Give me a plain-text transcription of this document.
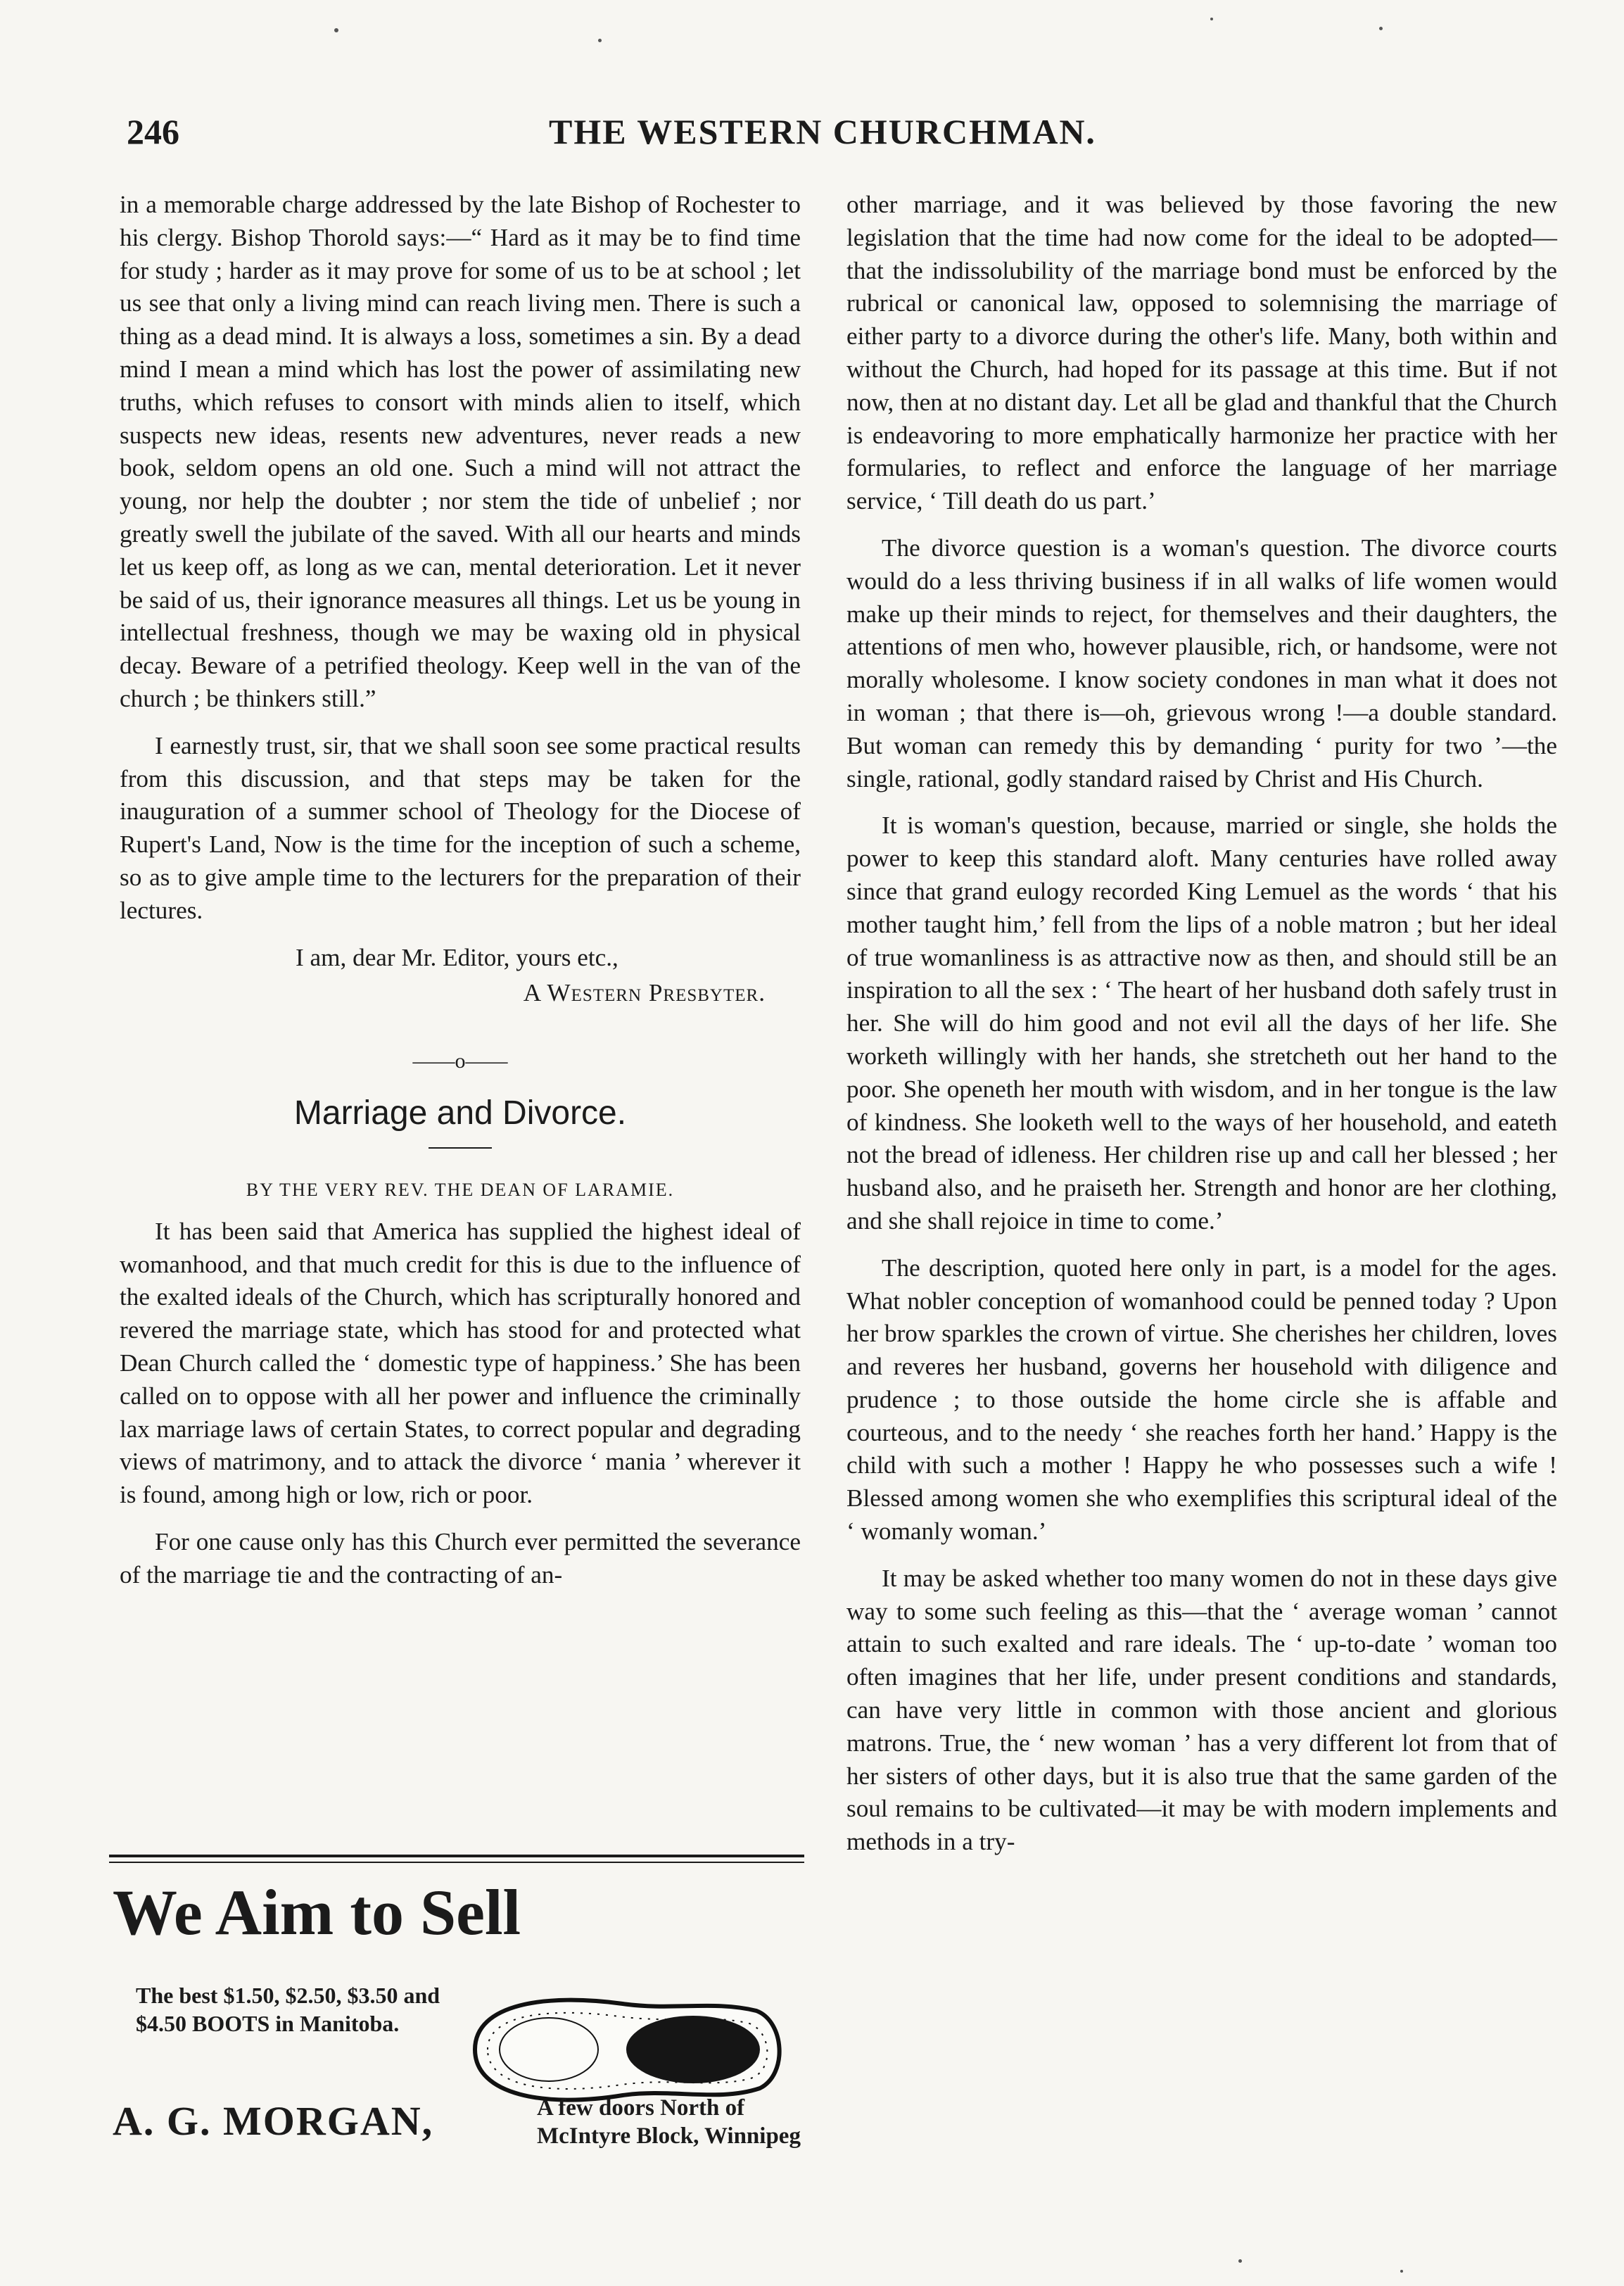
246	THE WESTERN CHURCHMAN.

in a memorable charge addressed by the late Bishop of Rochester to his clergy. Bishop Thorold says:—“ Hard as it may be to find time for study ; harder as it may prove for some of us to be at school ; let us see that only a living mind can reach living men. There is such a thing as a dead mind. It is always a loss, sometimes a sin. By a dead mind I mean a mind which has lost the power of assimilating new truths, which refuses to consort with minds alien to itself, which suspects new ideas, resents new adventures, never reads a new book, seldom opens an old one. Such a mind will not attract the young, nor help the doubter ; nor stem the tide of unbelief ; nor greatly swell the jubilate of the saved. With all our hearts and minds let us keep off, as long as we can, mental deterioration. Let it never be said of us, their ignorance measures all things. Let us be young in intellectual freshness, though we may be waxing old in physical decay. Beware of a petrified theology. Keep well in the van of the church ; be thinkers still.”

I earnestly trust, sir, that we shall soon see some practical results from this discussion, and that steps may be taken for the inauguration of a summer school of Theology for the Diocese of Rupert's Land, Now is the time for the inception of such a scheme, so as to give ample time to the lecturers for the preparation of their lectures.

I am, dear Mr. Editor, yours etc.,
A Western Presbyter.
——o——
Marriage and Divorce.
BY THE VERY REV. THE DEAN OF LARAMIE.

It has been said that America has supplied the highest ideal of womanhood, and that much credit for this is due to the influence of the exalted ideals of the Church, which has scripturally honored and revered the marriage state, which has stood for and protected what Dean Church called the ‘ domestic type of happiness.’ She has been called on to oppose with all her power and influence the criminally lax marriage laws of certain States, to correct popular and degrading views of matrimony, and to attack the divorce ‘ mania ’ wherever it is found, among high or low, rich or poor.

For one cause only has this Church ever permitted the severance of the marriage tie and the contracting of an-

We Aim to Sell
The best $1.50, $2.50, $3.50 and $4.50 BOOTS in Manitoba.
A. G. MORGAN,	A few doors North of
McIntyre Block, Winnipeg

other marriage, and it was believed by those favoring the new legislation that the time had now come for the ideal to be adopted—that the indissolubility of the marriage bond must be enforced by the rubrical or canonical law, opposed to solemnising the marriage of either party to a divorce during the other's life. Many, both within and without the Church, had hoped for its passage at this time. But if not now, then at no distant day. Let all be glad and thankful that the Church is endeavoring to more emphatically harmonize her practice with her formularies, to reflect and enforce the language of her marriage service, ‘ Till death do us part.’

The divorce question is a woman's question. The divorce courts would do a less thriving business if in all walks of life women would make up their minds to reject, for themselves and their daughters, the attentions of men who, however plausible, rich, or handsome, were not morally wholesome. I know society condones in man what it does not in woman ; that there is—oh, grievous wrong !—a double standard. But woman can remedy this by demanding ‘ purity for two ’—the single, rational, godly standard raised by Christ and His Church.

It is woman's question, because, married or single, she holds the power to keep this standard aloft. Many centuries have rolled away since that grand eulogy recorded King Lemuel as the words ‘ that his mother taught him,’ fell from the lips of a noble matron ; but her ideal of true womanliness is as attractive now as then, and should still be an inspiration to all the sex : ‘ The heart of her husband doth safely trust in her. She will do him good and not evil all the days of her life. She worketh willingly with her hands, she stretcheth out her hand to the poor. She openeth her mouth with wisdom, and in her tongue is the law of kindness. She looketh well to the ways of her household, and eateth not the bread of idleness. Her children rise up and call her blessed ; her husband also, and he praiseth her. Strength and honor are her clothing, and she shall rejoice in time to come.’

The description, quoted here only in part, is a model for the ages. What nobler conception of womanhood could be penned today ? Upon her brow sparkles the crown of virtue. She cherishes her children, loves and reveres her husband, governs her household with diligence and prudence ; to those outside the home circle she is affable and courteous, and to the needy ‘ she reaches forth her hand.’ Happy is the child with such a mother ! Happy he who possesses such a wife ! Blessed among women she who exemplifies this scriptural ideal of the ‘ womanly woman.’

It may be asked whether too many women do not in these days give way to some such feeling as this—that the ‘ average woman ’ cannot attain to such exalted and rare ideals. The ‘ up-to-date ’ woman too often imagines that her life, under present conditions and standards, can have very little in common with those ancient and glorious matrons. True, the ‘ new woman ’ has a very different lot from that of her sisters of other days, but it is also true that the same garden of the soul remains to be cultivated—it may be with modern implements and methods in a try-
